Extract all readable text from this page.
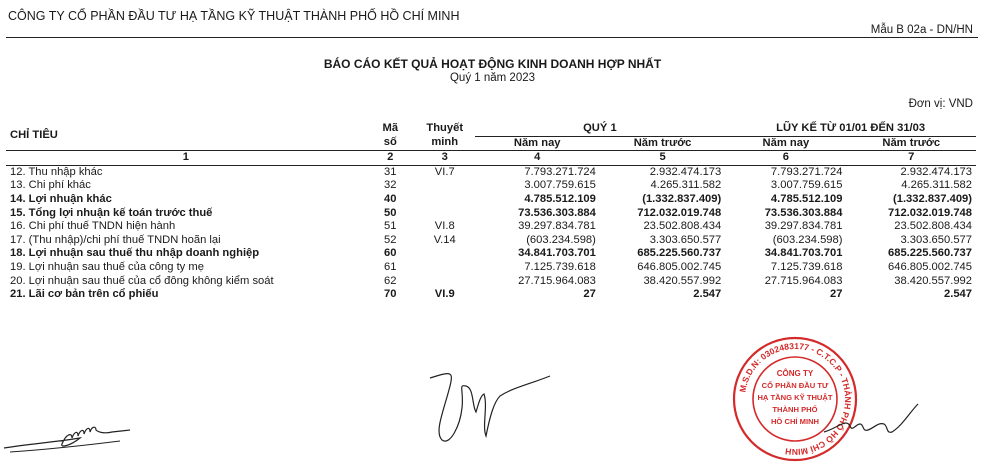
CÔNG TY CỔ PHẦN ĐẦU TƯ HẠ TẦNG KỸ THUẬT THÀNH PHỐ HỒ CHÍ MINH
Mẫu B 02a - DN/HN
BÁO CÁO KẾT QUẢ HOẠT ĐỘNG KINH DOANH HỢP NHẤT
Quý 1 năm 2023
Đơn vị: VND
CHỈ TIÊU	Mã	Thuyết	QUÝ 1		LŨY KẾ TỪ 01/01 ĐẾN 31/03	
	số	minh	Năm nay	Năm trước	Năm nay	Năm trước
1	2	3	4	5	6	7
12. Thu nhập khác	31	VI.7	7.793.271.724	2.932.474.173	7.793.271.724	2.932.474.173
13. Chi phí khác	32		3.007.759.615	4.265.311.582	3.007.759.615	4.265.311.582
14. Lợi nhuận khác	40		4.785.512.109	(1.332.837.409)	4.785.512.109	(1.332.837.409)
15. Tổng lợi nhuận kế toán trước thuế	50		73.536.303.884	712.032.019.748	73.536.303.884	712.032.019.748
16. Chi phí thuế TNDN hiện hành	51	VI.8	39.297.834.781	23.502.808.434	39.297.834.781	23.502.808.434
17. (Thu nhập)/chi phí thuế TNDN hoãn lại	52	V.14	(603.234.598)	3.303.650.577	(603.234.598)	3.303.650.577
18. Lợi nhuận sau thuế thu nhập doanh nghiệp	60		34.841.703.701	685.225.560.737	34.841.703.701	685.225.560.737
19. Lợi nhuận sau thuế của công ty mẹ	61		7.125.739.618	646.805.002.745	7.125.739.618	646.805.002.745
20. Lợi nhuận sau thuế của cổ đông không kiểm soát	62		27.715.964.083	38.420.557.992	27.715.964.083	38.420.557.992
21. Lãi cơ bản trên cổ phiếu	70	VI.9	27	2.547	27	2.547
M.S.D.N: 0302483177 - C.T.C.P - THÀNH PHỐ HỒ CHÍ MINH
CÔNG TY
CỔ PHẦN ĐẦU TƯ
HẠ TẦNG KỸ THUẬT
THÀNH PHỐ
HỒ CHÍ MINH
